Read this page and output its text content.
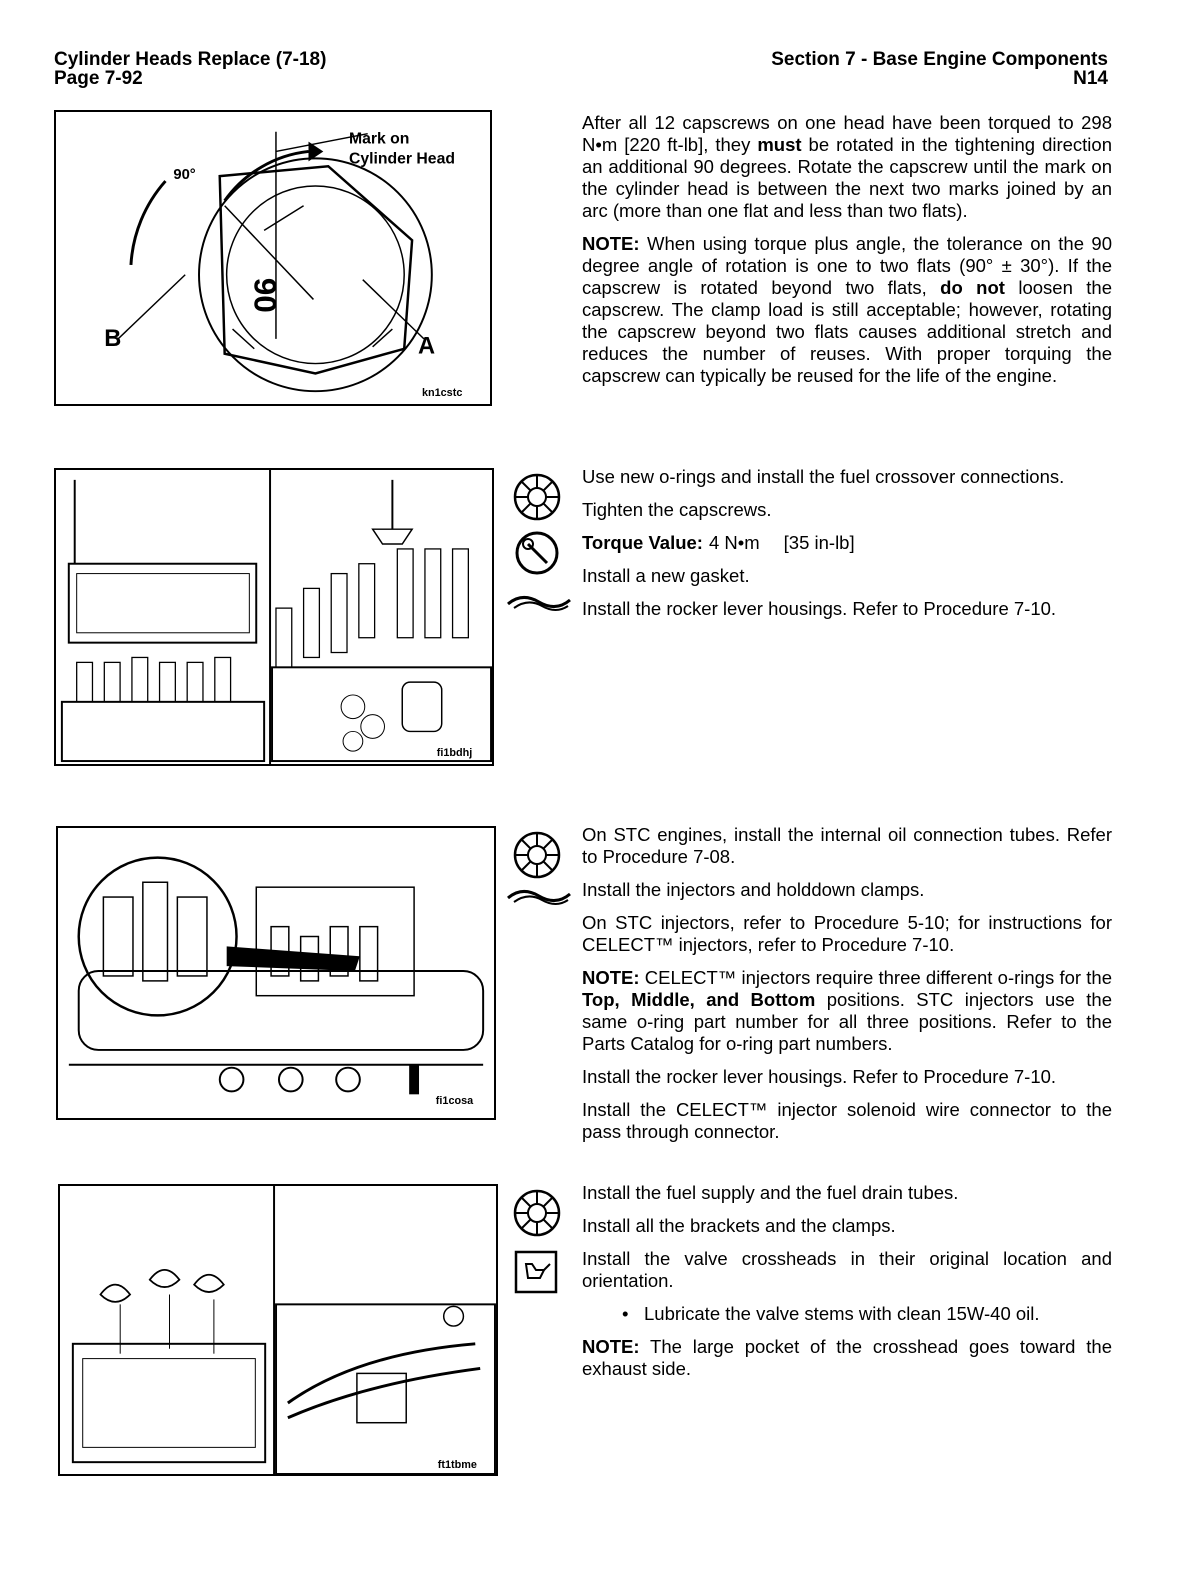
Cylinder Heads Replace (7-18)
Page 7-92
Section 7 - Base Engine Components
N14
90°
Mark on
Cylinder Head
B	A
90
kn1cstc
fi1bdhj
fi1cosa
ft1tbme

After all 12 capscrews on one head have been torqued to 298 N•m [220 ft-lb], they must be rotated in the tightening direction an additional 90 degrees. Rotate the capscrew until the mark on the cylinder head is between the next two marks joined by an arc (more than one flat and less than two flats).

NOTE: When using torque plus angle, the tolerance on the 90 degree angle of rotation is one to two flats (90° ± 30°). If the capscrew is rotated beyond two flats, do not loosen the capscrew. The clamp load is still acceptable; however, rotating the capscrew beyond two flats causes additional stretch and reduces the number of reuses. With proper torquing the capscrew can typically be reused for the life of the engine.

Use new o-rings and install the fuel crossover connections.

Tighten the capscrews.

Torque Value: 4 N•m [35 in-lb]

Install a new gasket.

Install the rocker lever housings. Refer to Procedure 7-10.

On STC engines, install the internal oil connection tubes. Refer to Procedure 7-08.

Install the injectors and holddown clamps.

On STC injectors, refer to Procedure 5-10; for instructions for CELECT™ injectors, refer to Procedure 7-10.

NOTE: CELECT™ injectors require three different o-rings for the Top, Middle, and Bottom positions. STC injectors use the same o-ring part number for all three positions. Refer to the Parts Catalog for o-ring part numbers.

Install the rocker lever housings. Refer to Procedure 7-10.

Install the CELECT™ injector solenoid wire connector to the pass through connector.

Install the fuel supply and the fuel drain tubes.

Install all the brackets and the clamps.

Install the valve crossheads in their original location and orientation.

• Lubricate the valve stems with clean 15W-40 oil.

NOTE: The large pocket of the crosshead goes toward the exhaust side.
